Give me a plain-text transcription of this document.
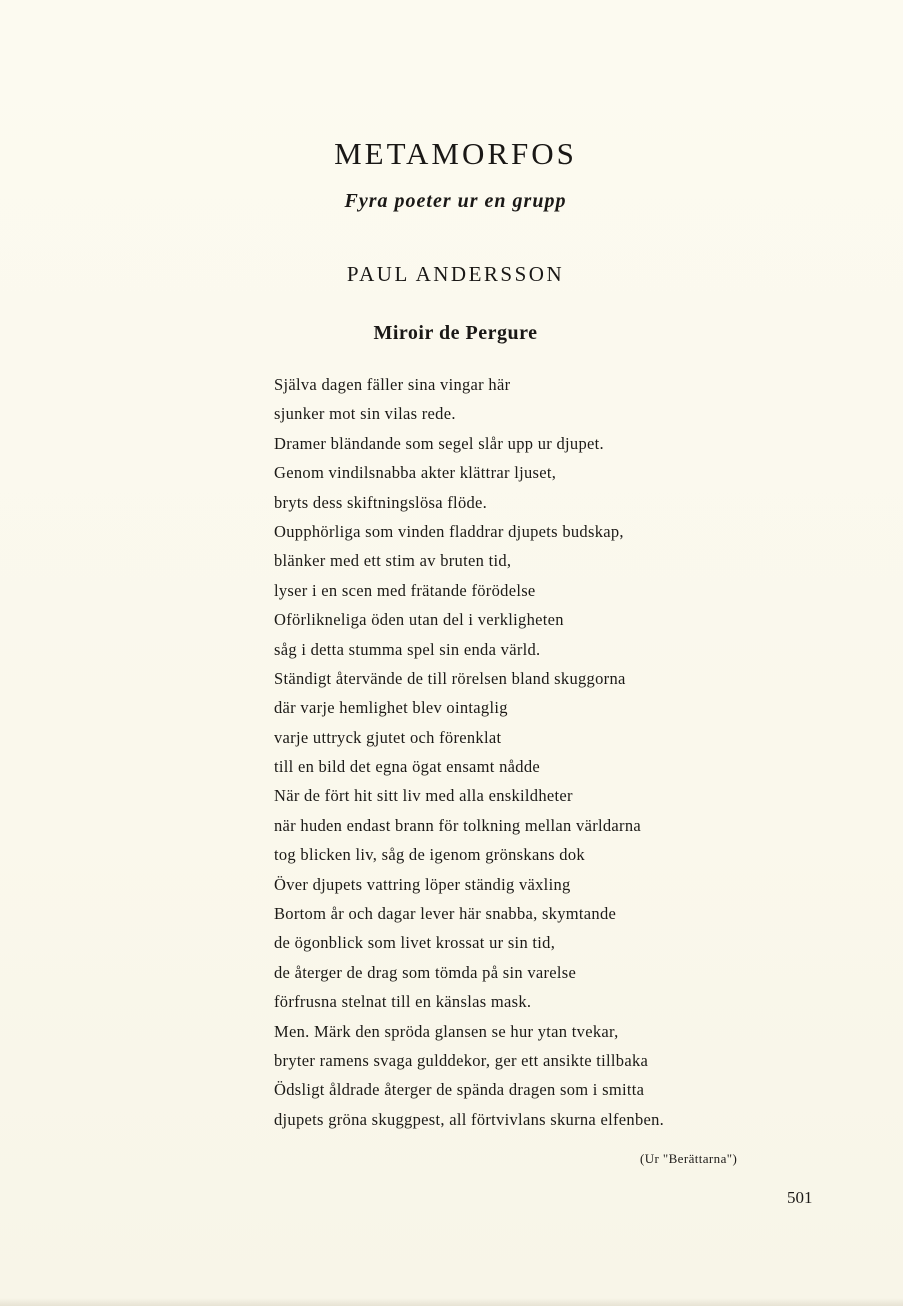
METAMORFOS
Fyra poeter ur en grupp
PAUL ANDERSSON
Miroir de Pergure
Själva dagen fäller sina vingar här
sjunker mot sin vilas rede.
Dramer bländande som segel slår upp ur djupet.
Genom vindilsnabba akter klättrar ljuset,
bryts dess skiftningslösa flöde.
Oupphörliga som vinden fladdrar djupets budskap,
blänker med ett stim av bruten tid,
lyser i en scen med frätande förödelse
Oförlikneliga öden utan del i verkligheten
såg i detta stumma spel sin enda värld.
Ständigt återvände de till rörelsen bland skuggorna
där varje hemlighet blev ointaglig
varje uttryck gjutet och förenklat
till en bild det egna ögat ensamt nådde
När de fört hit sitt liv med alla enskildheter
när huden endast brann för tolkning mellan världarna
tog blicken liv, såg de igenom grönskans dok
Över djupets vattring löper ständig växling
Bortom år och dagar lever här snabba, skymtande
de ögonblick som livet krossat ur sin tid,
de återger de drag som tömda på sin varelse
förfrusna stelnat till en känslas mask.
Men. Märk den spröda glansen se hur ytan tvekar,
bryter ramens svaga gulddekor, ger ett ansikte tillbaka
Ödsligt åldrade återger de spända dragen som i smitta
djupets gröna skuggpest, all förtvivlans skurna elfenben.
(Ur "Berättarna")
501
